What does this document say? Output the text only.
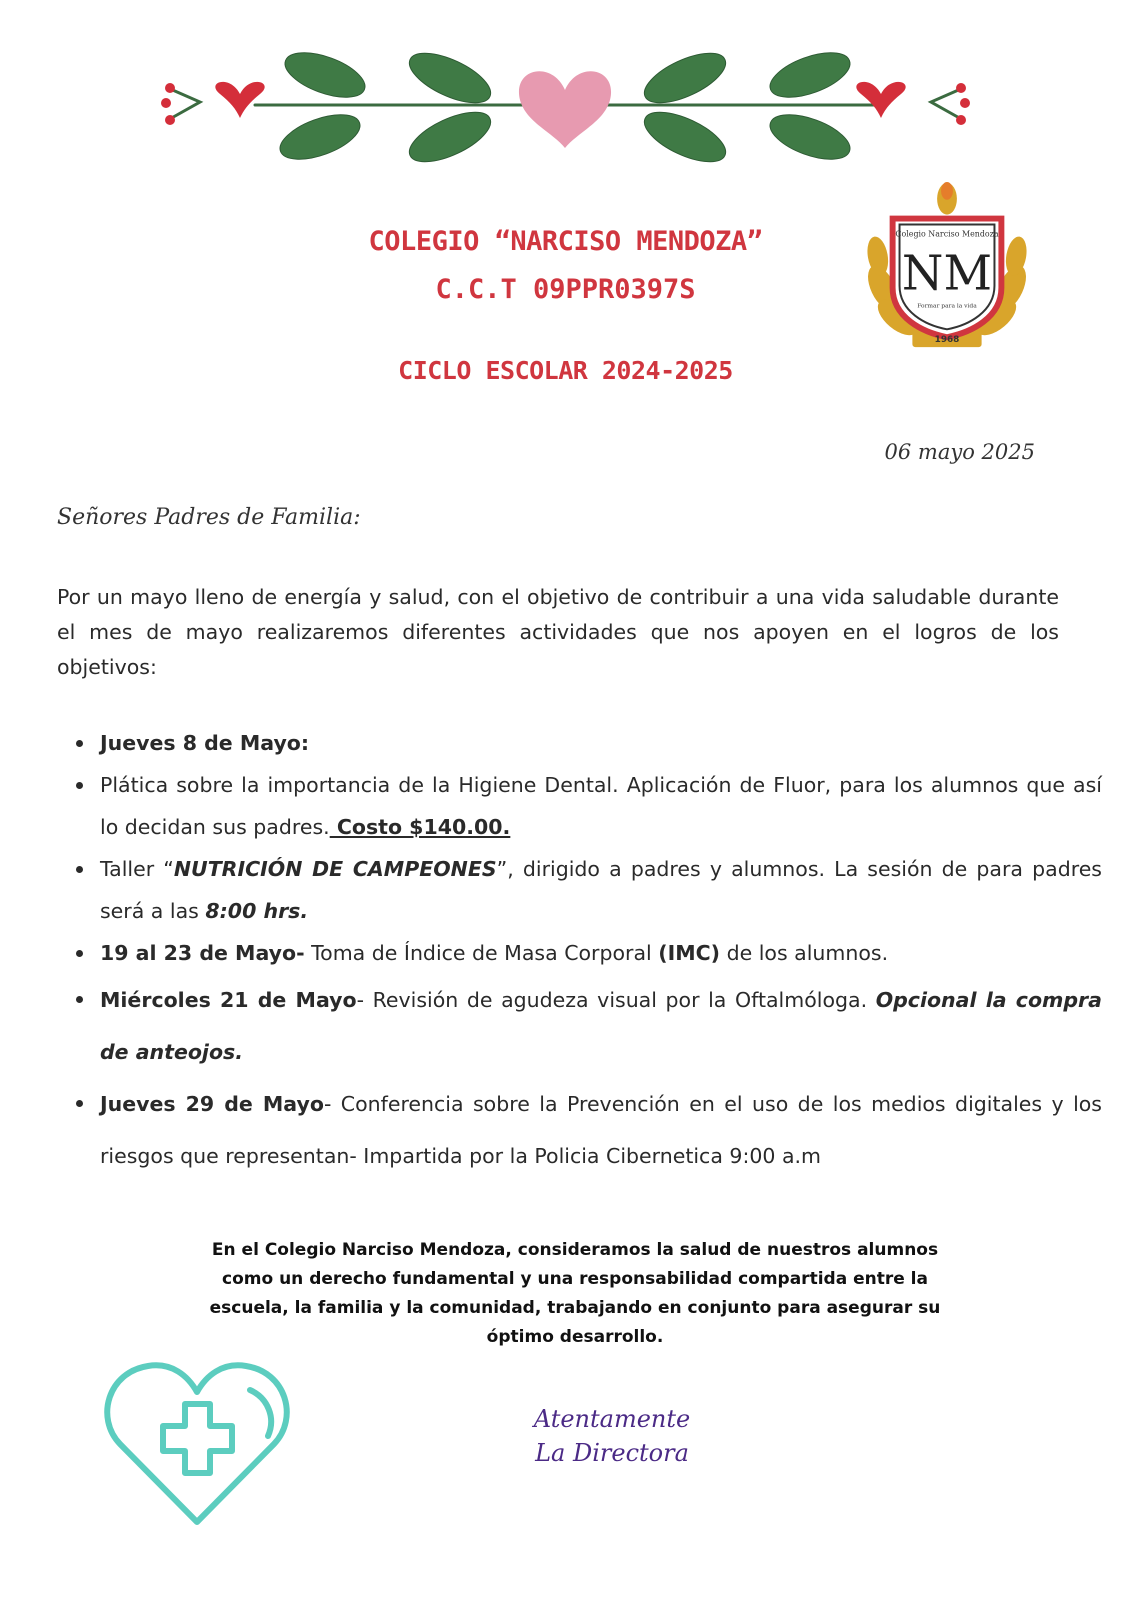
Colegio Narciso Mendoza
NM
Formar para la vida
1968
COLEGIO “NARCISO MENDOZA”
C.C.T 09PPR0397S
CICLO ESCOLAR 2024-2025
06 mayo 2025
Señores Padres de Familia:
Por un mayo lleno de energía y salud, con el objetivo de contribuir a una vida saludable durante el mes de mayo realizaremos diferentes actividades que nos apoyen en el logros de los objetivos:
Jueves 8 de Mayo:
Plática sobre la importancia de la Higiene Dental. Aplicación de Fluor, para los alumnos que así lo decidan sus padres. Costo $140.00.
Taller “NUTRICIÓN DE CAMPEONES”, dirigido a padres y alumnos. La sesión de para padres será a las 8:00 hrs.
19 al 23 de Mayo- Toma de Índice de Masa Corporal (IMC) de los alumnos.
Miércoles 21 de Mayo- Revisión de agudeza visual por la Oftalmóloga. Opcional la compra de anteojos.
Jueves 29 de Mayo- Conferencia sobre la Prevención en el uso de los medios digitales y los riesgos que representan- Impartida por la Policia Cibernetica 9:00 a.m
En el Colegio Narciso Mendoza, consideramos la salud de nuestros alumnos como un derecho fundamental y una responsabilidad compartida entre la escuela, la familia y la comunidad, trabajando en conjunto para asegurar su óptimo desarrollo.
Atentamente
La Directora
